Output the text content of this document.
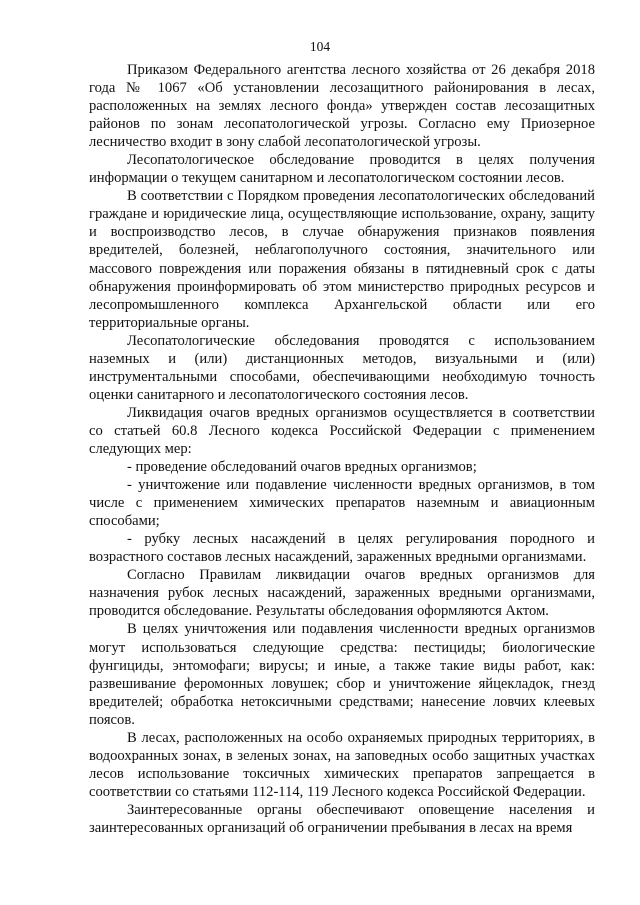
104

Приказом Федерального агентства лесного хозяйства от 26 декабря 2018 года № 1067 «Об установлении лесозащитного районирования в лесах, расположенных на землях лесного фонда» утвержден состав лесозащитных районов по зонам лесопатологической угрозы. Согласно ему Приозерное лесничество входит в зону слабой лесопатологической угрозы.

Лесопатологическое обследование проводится в целях получения информации о текущем санитарном и лесопатологическом состоянии лесов.

В соответствии с Порядком проведения лесопатологических обследований граждане и юридические лица, осуществляющие использование, охрану, защиту и воспроизводство лесов, в случае обнаружения признаков появления вредителей, болезней, неблагополучного состояния, значительного или массового повреждения или поражения обязаны в пятидневный срок с даты обнаружения проинформировать об этом министерство природных ресурсов и лесопромышленного комплекса Архангельской области или его территориальные органы.

Лесопатологические обследования проводятся с использованием наземных и (или) дистанционных методов, визуальными и (или) инструментальными способами, обеспечивающими необходимую точность оценки санитарного и лесопатологического состояния лесов.

Ликвидация очагов вредных организмов осуществляется в соответствии со статьей 60.8 Лесного кодекса Российской Федерации с применением следующих мер:

- проведение обследований очагов вредных организмов;

- уничтожение или подавление численности вредных организмов, в том числе с применением химических препаратов наземным и авиационным способами;

- рубку лесных насаждений в целях регулирования породного и возрастного составов лесных насаждений, зараженных вредными организмами.

Согласно Правилам ликвидации очагов вредных организмов для назначения рубок лесных насаждений, зараженных вредными организмами, проводится обследование. Результаты обследования оформляются Актом.

В целях уничтожения или подавления численности вредных организмов могут использоваться следующие средства: пестициды; биологические фунгициды, энтомофаги; вирусы; и иные, а также такие виды работ, как: развешивание феромонных ловушек; сбор и уничтожение яйцекладок, гнезд вредителей; обработка нетоксичными средствами; нанесение ловчих клеевых поясов.

В лесах, расположенных на особо охраняемых природных территориях, в водоохранных зонах, в зеленых зонах, на заповедных особо защитных участках лесов использование токсичных химических препаратов запрещается в соответствии со статьями 112-114, 119 Лесного кодекса Российской Федерации.

Заинтересованные органы обеспечивают оповещение населения и заинтересованных организаций об ограничении пребывания в лесах на время
